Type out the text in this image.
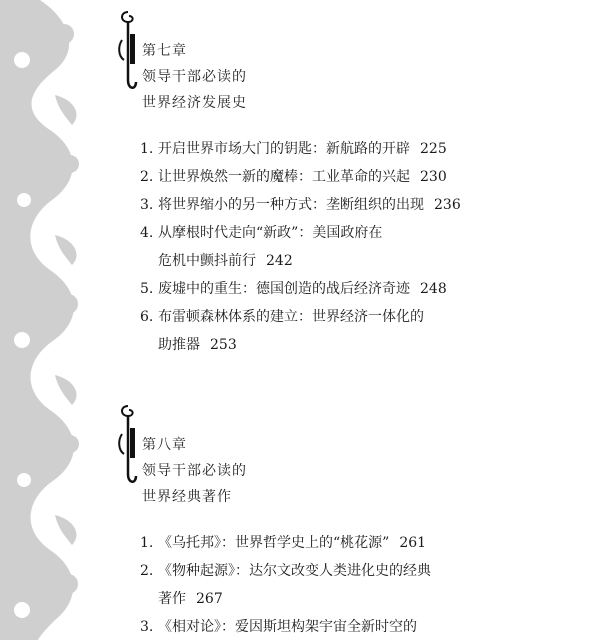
第七章
领导干部必读的
世界经济发展史
1. 开启世界市场大门的钥匙：新航路的开辟 225
2. 让世界焕然一新的魔棒：工业革命的兴起 230
3. 将世界缩小的另一种方式：垄断组织的出现 236
4. 从摩根时代走向“新政”：美国政府在
危机中颤抖前行 242
5. 废墟中的重生：德国创造的战后经济奇迹 248
6. 布雷顿森林体系的建立：世界经济一体化的
助推器 253
第八章
领导干部必读的
世界经典著作
1. 《乌托邦》：世界哲学史上的“桃花源” 261
2. 《物种起源》：达尔文改变人类进化史的经典
著作 267
3. 《相对论》：爱因斯坦构架宇宙全新时空的
